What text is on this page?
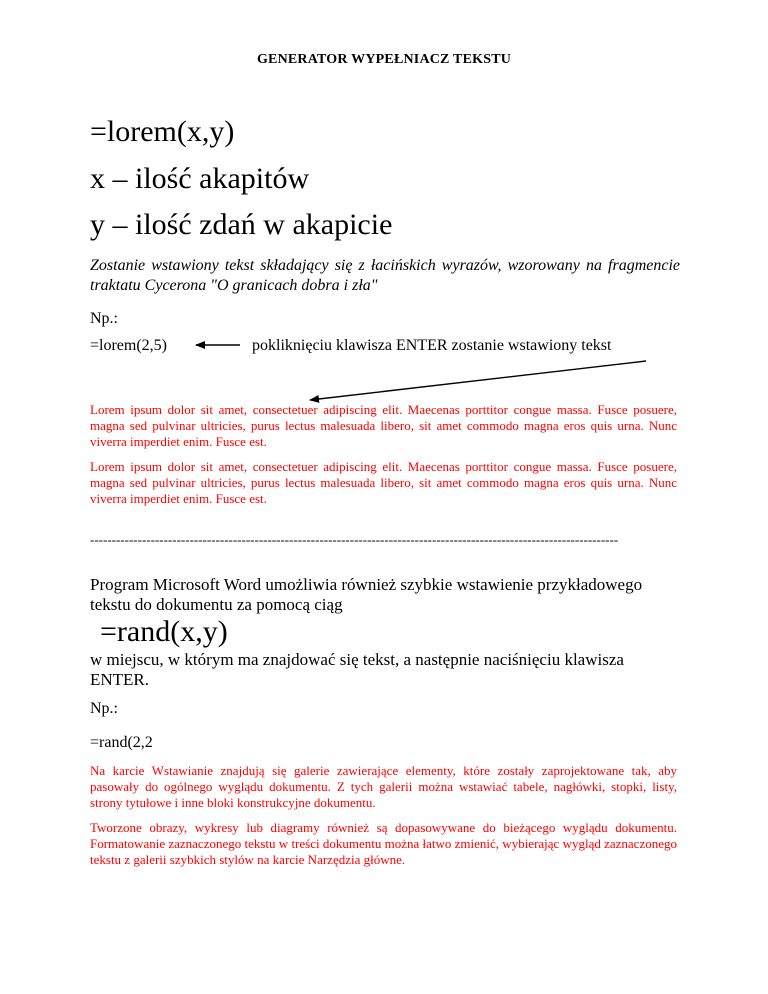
GENERATOR WYPEŁNIACZ TEKSTU

=lorem(x,y)

x – ilość akapitów

y – ilość zdań w akapicie

Zostanie wstawiony tekst składający się z łacińskich wyrazów, wzorowany na fragmencie traktatu Cycerona "O granicach dobra i zła"

Np.:

=lorem(2,5)	pokliknięciu klawisza ENTER zostanie wstawiony tekst

Lorem ipsum dolor sit amet, consectetuer adipiscing elit. Maecenas porttitor congue massa. Fusce posuere, magna sed pulvinar ultricies, purus lectus malesuada libero, sit amet commodo magna eros quis urna. Nunc viverra imperdiet enim. Fusce est.

Lorem ipsum dolor sit amet, consectetuer adipiscing elit. Maecenas porttitor congue massa. Fusce posuere, magna sed pulvinar ultricies, purus lectus malesuada libero, sit amet commodo magna eros quis urna. Nunc viverra imperdiet enim. Fusce est.

--------------------------------------------------------------------------------------------------------------------------

Program Microsoft Word umożliwia również szybkie wstawienie przykładowego tekstu do dokumentu za pomocą ciąg

=rand(x,y)

w miejscu, w którym ma znajdować się tekst, a następnie naciśnięciu klawisza ENTER.

Np.:

=rand(2,2

Na karcie Wstawianie znajdują się galerie zawierające elementy, które zostały zaprojektowane tak, aby pasowały do ogólnego wyglądu dokumentu. Z tych galerii można wstawiać tabele, nagłówki, stopki, listy, strony tytułowe i inne bloki konstrukcyjne dokumentu.

Tworzone obrazy, wykresy lub diagramy również są dopasowywane do bieżącego wyglądu dokumentu. Formatowanie zaznaczonego tekstu w treści dokumentu można łatwo zmienić, wybierając wygląd zaznaczonego tekstu z galerii szybkich stylów na karcie Narzędzia główne.
